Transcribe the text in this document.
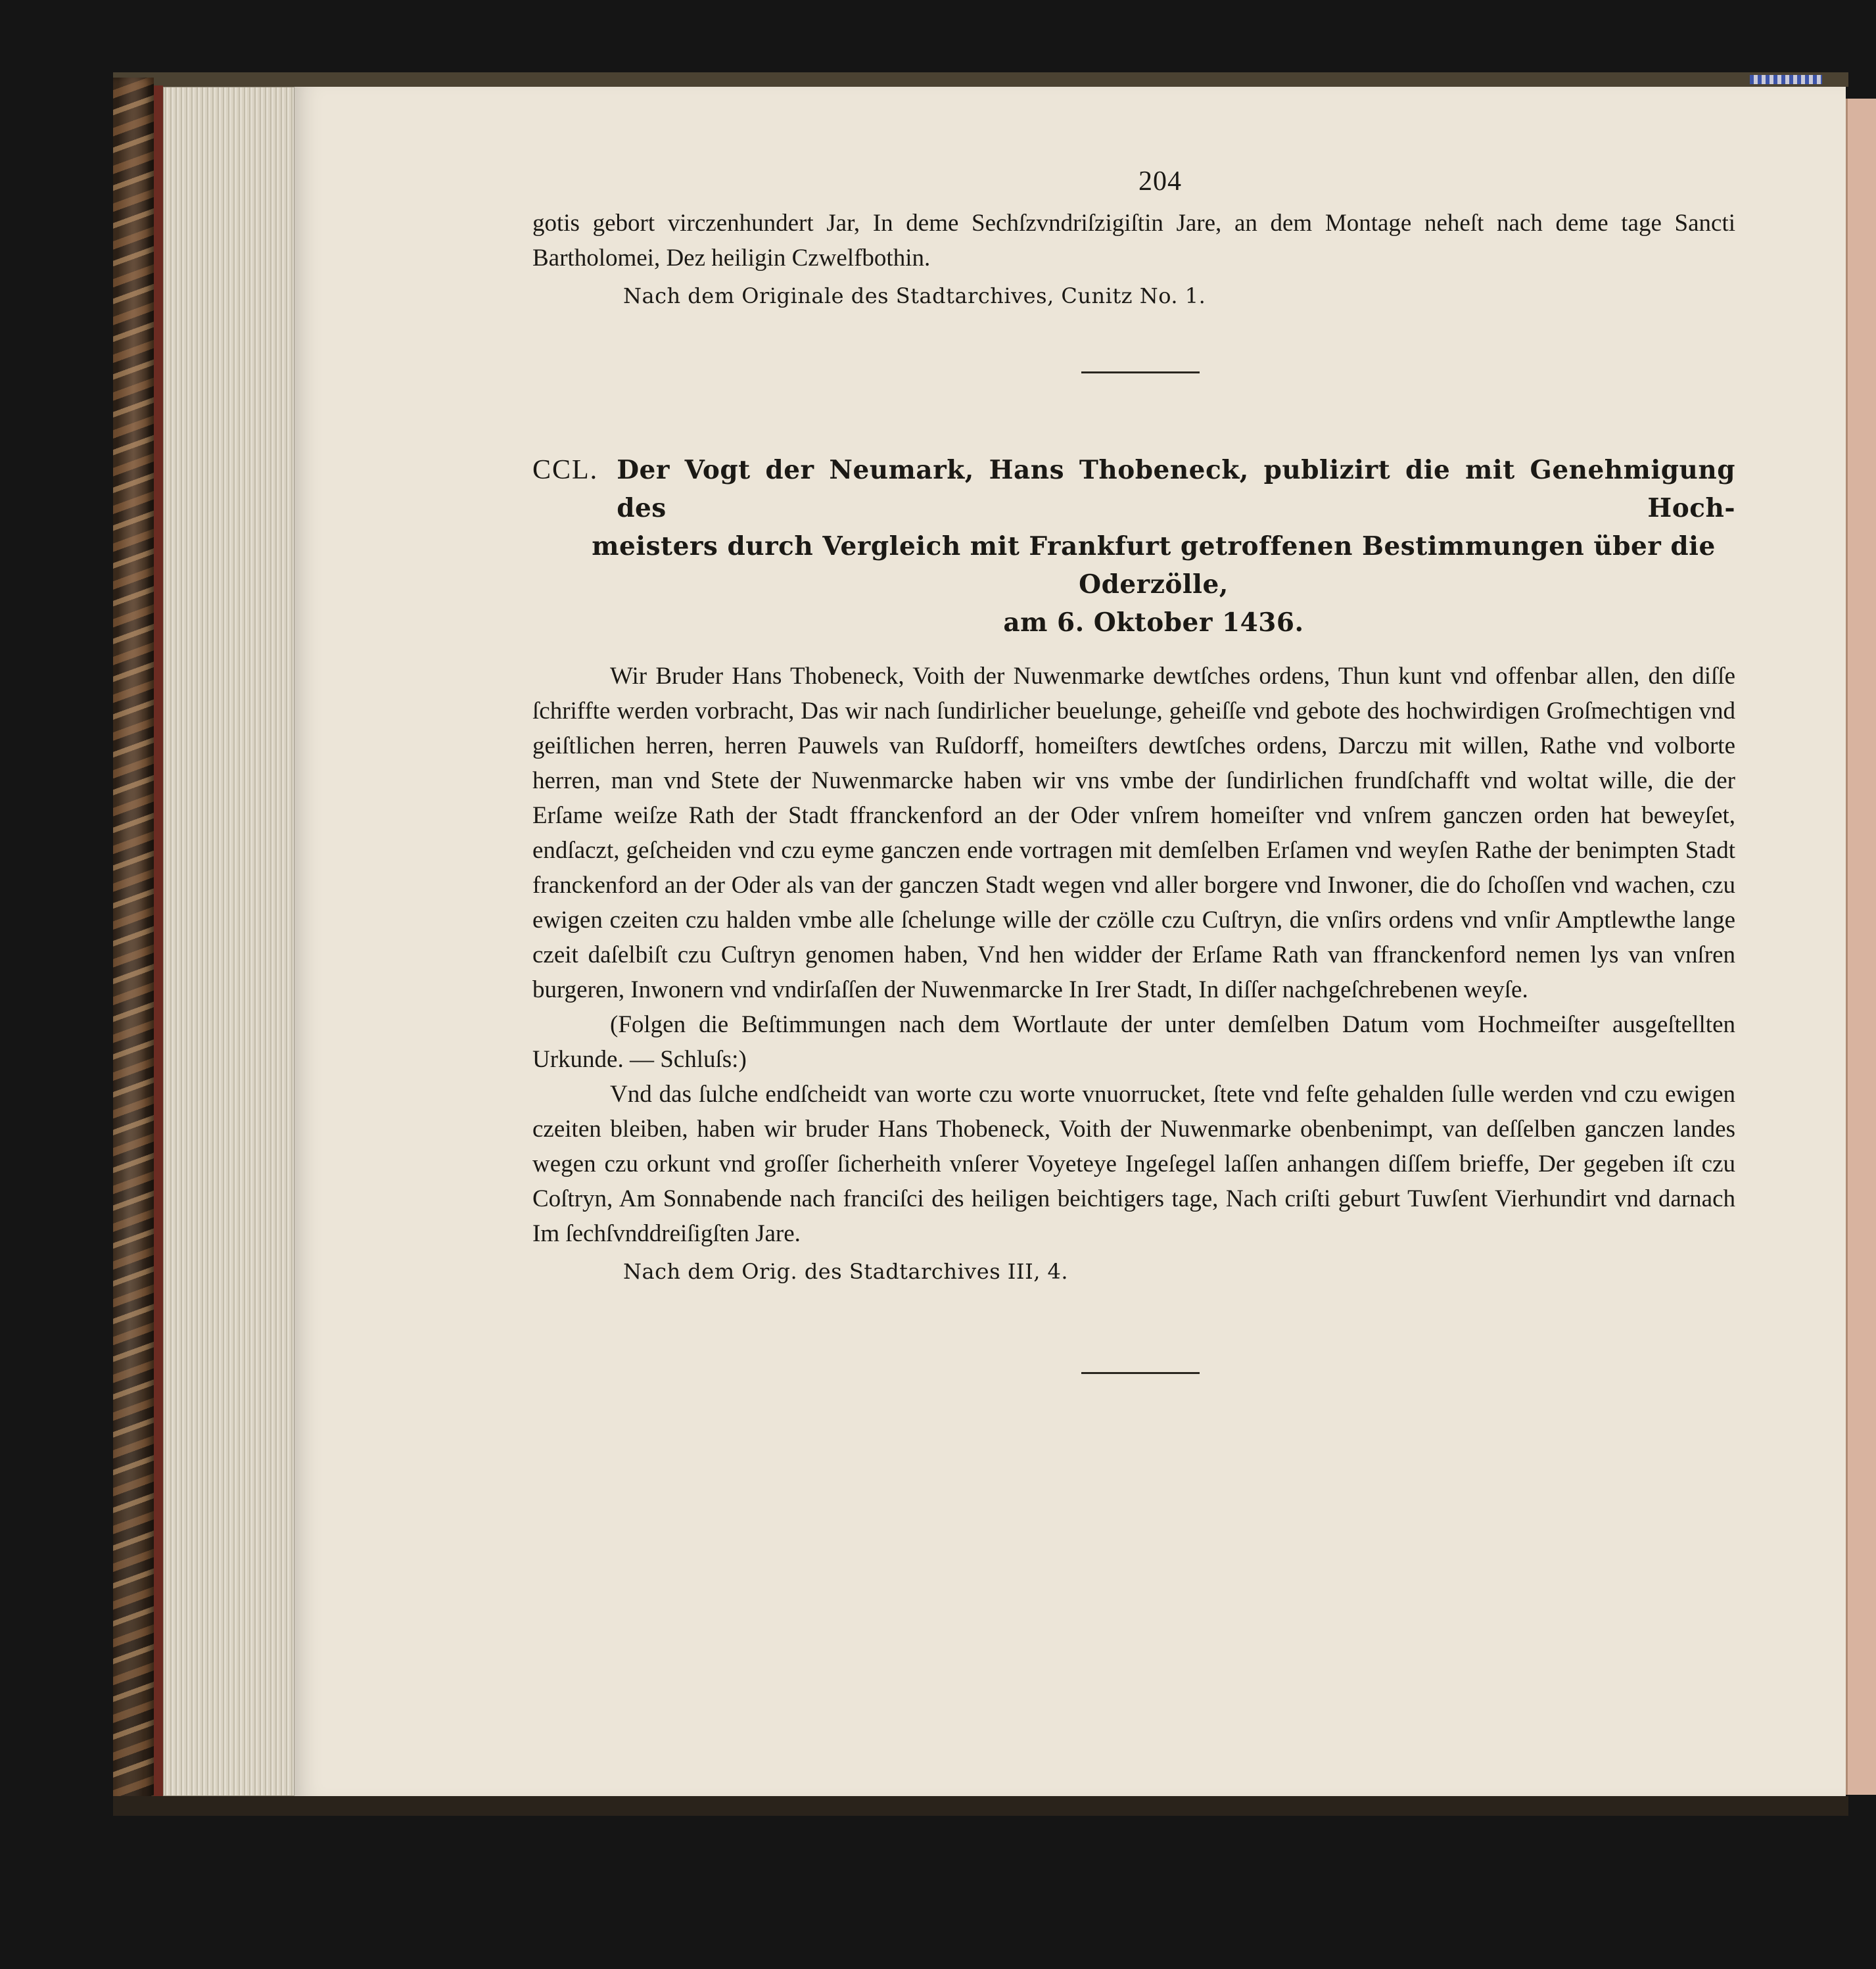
204

gotis gebort virczenhundert Jar, In deme Sechſzvndriſzigiſtin Jare, an dem Montage neheſt nach deme tage Sancti Bartholomei, Dez heiligin Czwelfbothin.

Nach dem Originale des Stadtarchives, Cunitz No. 1.
CCL. Der Vogt der Neumark, Hans Thobeneck, publizirt die mit Genehmigung des Hoch-
meisters durch Vergleich mit Frankfurt getroffenen Bestimmungen über die Oderzölle,
am 6. Oktober 1436.

Wir Bruder Hans Thobeneck, Voith der Nuwenmarke dewtſches ordens, Thun kunt vnd offenbar allen, den diſſe ſchriffte werden vorbracht, Das wir nach ſundirlicher beuelunge, geheiſſe vnd gebote des hochwirdigen Groſmechtigen vnd geiſtlichen herren, herren Pauwels van Ruſdorff, homeiſters dewtſches ordens, Darczu mit willen, Rathe vnd volborte herren, man vnd Stete der Nuwenmarcke haben wir vns vmbe der ſundirlichen frundſchafft vnd woltat wille, die der Erſame weiſze Rath der Stadt ffranckenford an der Oder vnſrem homeiſter vnd vnſrem ganczen orden hat beweyſet, endſaczt, geſcheiden vnd czu eyme ganczen ende vortragen mit demſelben Erſamen vnd weyſen Rathe der benimpten Stadt franckenford an der Oder als van der ganczen Stadt wegen vnd aller borgere vnd Inwoner, die do ſchoſſen vnd wachen, czu ewigen czeiten czu halden vmbe alle ſchelunge wille der czölle czu Cuſtryn, die vnſirs ordens vnd vnſir Amptlewthe lange czeit daſelbiſt czu Cuſtryn genomen haben, Vnd hen widder der Erſame Rath van ffranckenford nemen lys van vnſren burgeren, Inwonern vnd vndirſaſſen der Nuwenmarcke In Irer Stadt, In diſſer nachgeſchrebenen weyſe.

(Folgen die Beſtimmungen nach dem Wortlaute der unter demſelben Datum vom Hochmeiſter ausgeſtellten Urkunde. — Schluſs:)

Vnd das ſulche endſcheidt van worte czu worte vnuorrucket, ſtete vnd feſte gehalden ſulle werden vnd czu ewigen czeiten bleiben, haben wir bruder Hans Thobeneck, Voith der Nuwenmarke obenbenimpt, van deſſelben ganczen landes wegen czu orkunt vnd groſſer ſicherheith vnſerer Voyeteye Ingeſegel laſſen anhangen diſſem brieffe, Der gegeben iſt czu Coſtryn, Am Sonnabende nach franciſci des heiligen beichtigers tage, Nach criſti geburt Tuwſent Vierhundirt vnd darnach Im ſechſvnddreiſigſten Jare.

Nach dem Orig. des Stadtarchives III, 4.
